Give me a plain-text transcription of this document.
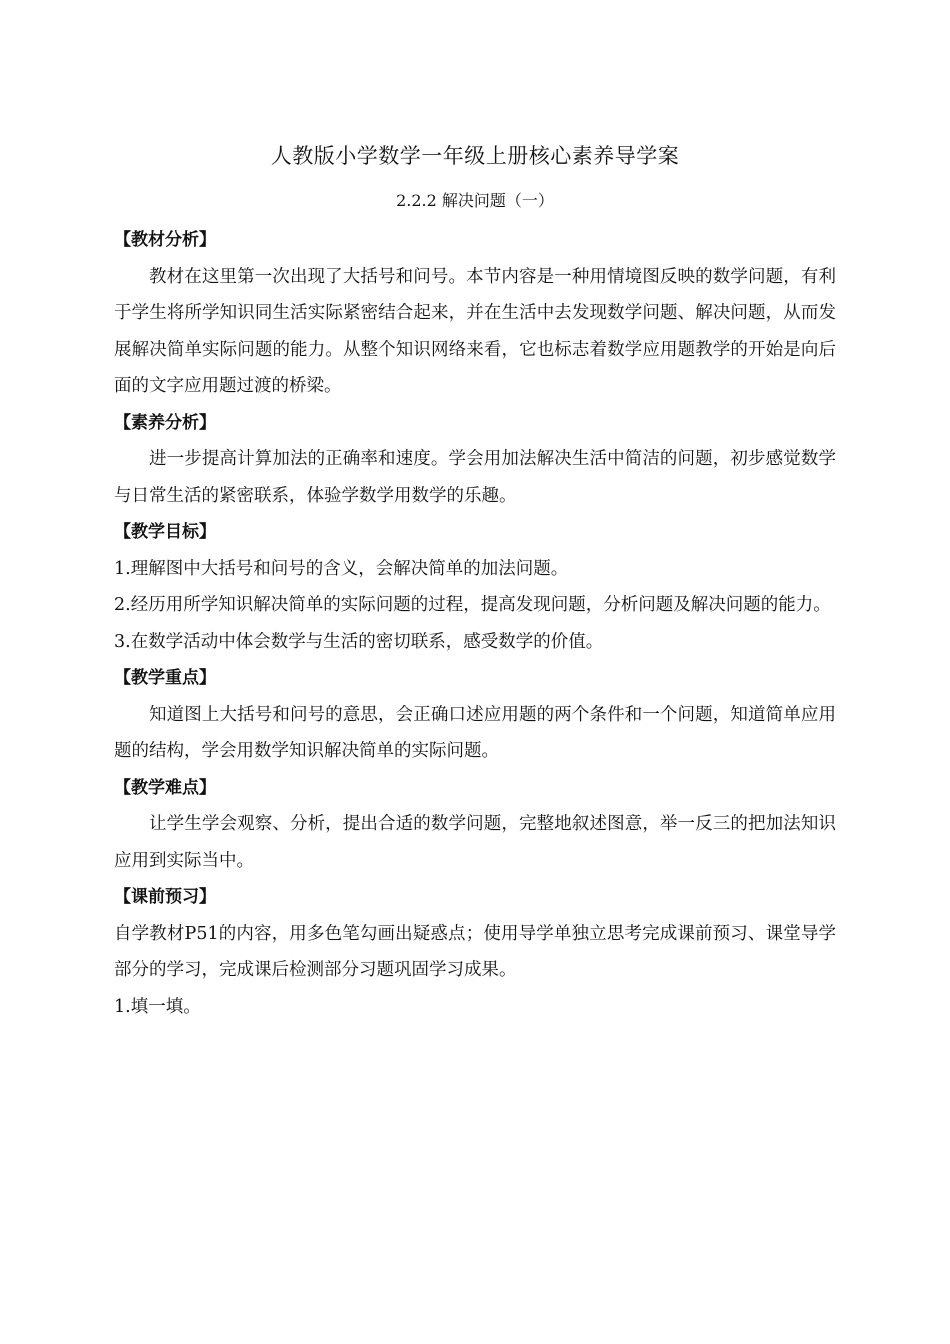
人教版小学数学一年级上册核心素养导学案
2.2.2 解决问题（一）
【教材分析】

教材在这里第一次出现了大括号和问号。本节内容是一种用情境图反映的数学问题，有利于学生将所学知识同生活实际紧密结合起来，并在生活中去发现数学问题、解决问题，从而发展解决简单实际问题的能力。从整个知识网络来看，它也标志着数学应用题教学的开始是向后面的文字应用题过渡的桥梁。

【素养分析】

进一步提高计算加法的正确率和速度。学会用加法解决生活中简洁的问题，初步感觉数学与日常生活的紧密联系，体验学数学用数学的乐趣。

【教学目标】

1.理解图中大括号和问号的含义，会解决简单的加法问题。

2.经历用所学知识解决简单的实际问题的过程，提高发现问题，分析问题及解决问题的能力。

3.在数学活动中体会数学与生活的密切联系，感受数学的价值。

【教学重点】

知道图上大括号和问号的意思，会正确口述应用题的两个条件和一个问题，知道简单应用题的结构，学会用数学知识解决简单的实际问题。

【教学难点】

让学生学会观察、分析，提出合适的数学问题，完整地叙述图意，举一反三的把加法知识应用到实际当中。

【课前预习】

自学教材P51的内容，用多色笔勾画出疑惑点；使用导学单独立思考完成课前预习、课堂导学部分的学习，完成课后检测部分习题巩固学习成果。

1.填一填。
